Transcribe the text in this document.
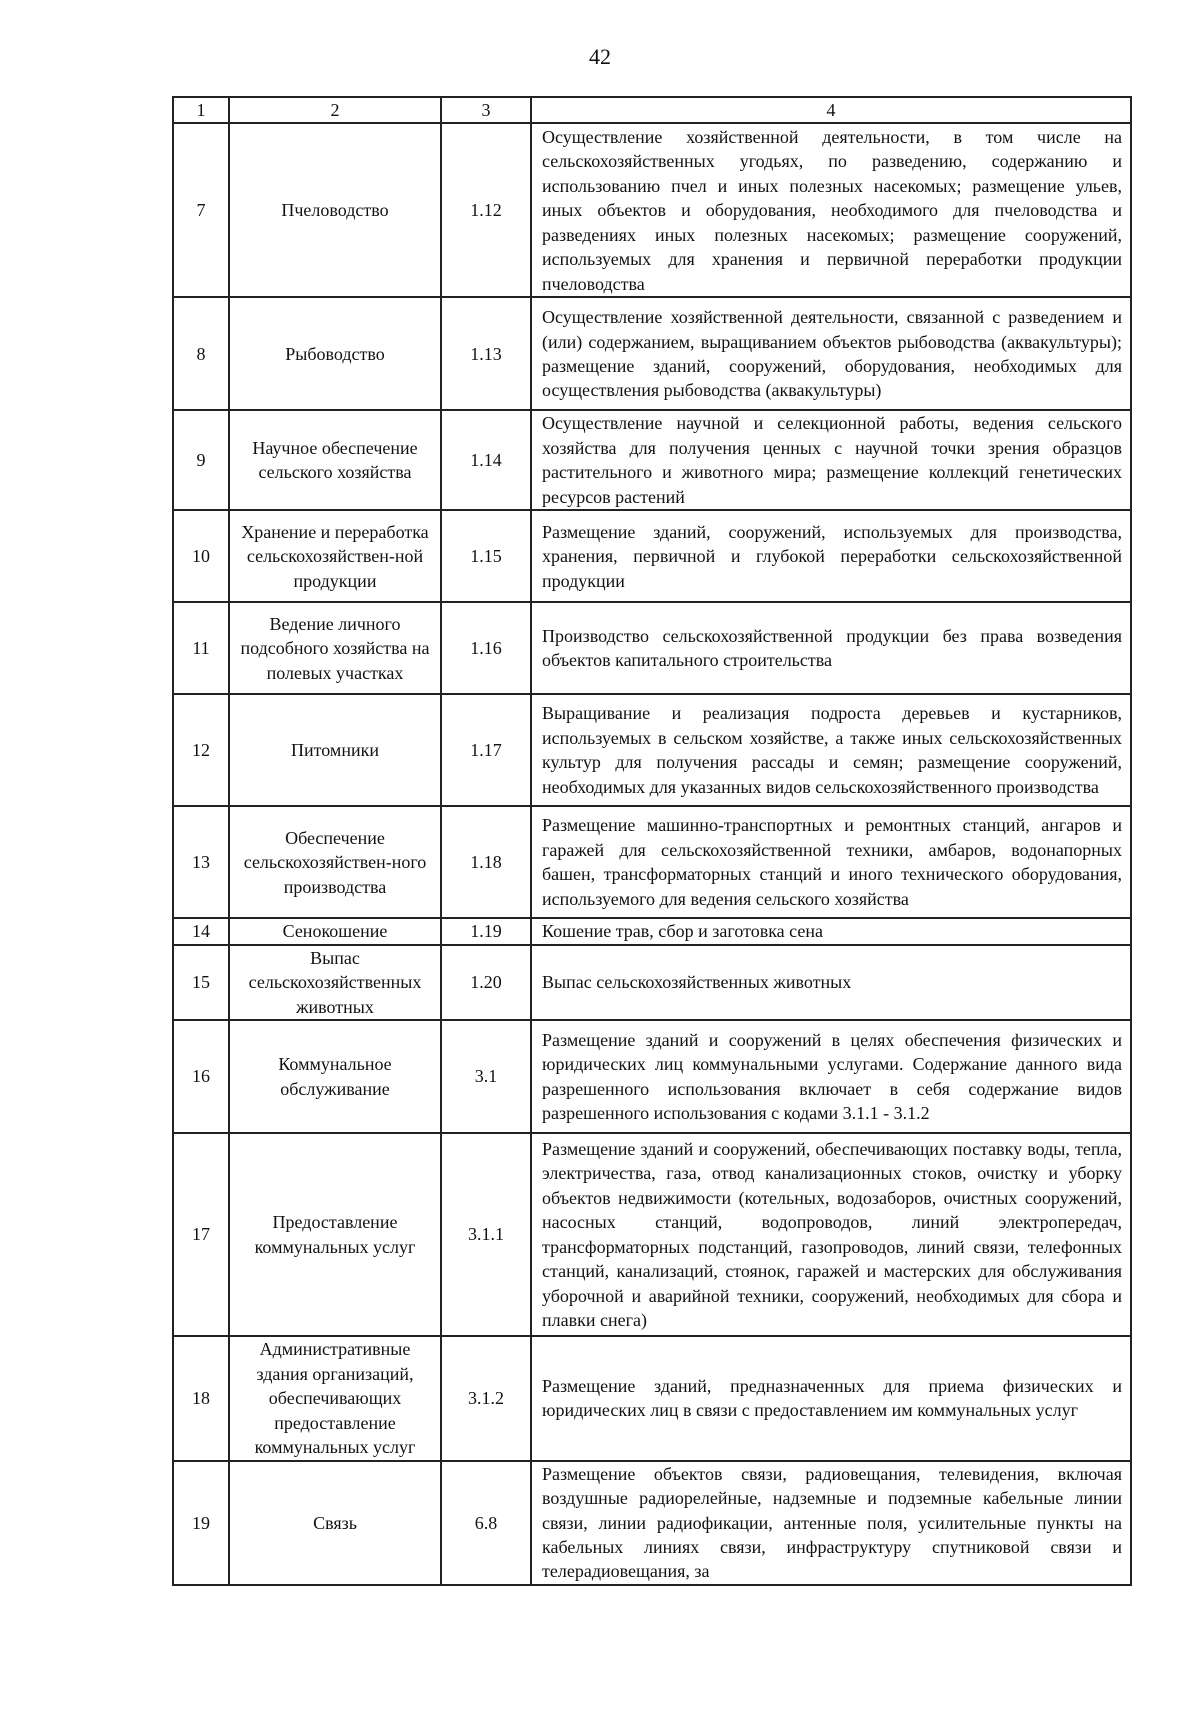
42
1	2	3	4
7	Пчеловодство	1.12	Осуществление хозяйственной деятельности, в том числе на сельскохозяйственных угодьях, по разведению, содержанию и использованию пчел и иных полезных насекомых; размещение ульев, иных объектов и оборудования, необходимого для пчеловодства и разведениях иных полезных насекомых; размещение сооружений, используемых для хранения и первичной переработки продукции пчеловодства
8	Рыбоводство	1.13	Осуществление хозяйственной деятельности, связанной с разведением и (или) содержанием, выращиванием объектов рыбоводства (аквакультуры); размещение зданий, сооружений, оборудования, необходимых для осуществления рыбоводства (аквакультуры)
9	Научное обеспечение сельского хозяйства	1.14	Осуществление научной и селекционной работы, ведения сельского хозяйства для получения ценных с научной точки зрения образцов растительного и животного мира; размещение коллекций генетических ресурсов растений
10	Хранение и переработка сельскохозяйствен-ной продукции	1.15	Размещение зданий, сооружений, используемых для производства, хранения, первичной и глубокой переработки сельскохозяйственной продукции
11	Ведение личного подсобного хозяйства на полевых участках	1.16	Производство сельскохозяйственной продукции без права возведения объектов капитального строительства
12	Питомники	1.17	Выращивание и реализация подроста деревьев и кустарников, используемых в сельском хозяйстве, а также иных сельскохозяйственных культур для получения рассады и семян; размещение сооружений, необходимых для указанных видов сельскохозяйственного производства
13	Обеспечение сельскохозяйствен-ного производства	1.18	Размещение машинно-транспортных и ремонтных станций, ангаров и гаражей для сельскохозяйственной техники, амбаров, водонапорных башен, трансформаторных станций и иного технического оборудования, используемого для ведения сельского хозяйства
14	Сенокошение	1.19	Кошение трав, сбор и заготовка сена
15	Выпас сельскохозяйственных животных	1.20	Выпас сельскохозяйственных животных
16	Коммунальное обслуживание	3.1	Размещение зданий и сооружений в целях обеспечения физических и юридических лиц коммунальными услугами. Содержание данного вида разрешенного использования включает в себя содержание видов разрешенного использования с кодами 3.1.1 - 3.1.2
17	Предоставление коммунальных услуг	3.1.1	Размещение зданий и сооружений, обеспечивающих поставку воды, тепла, электричества, газа, отвод канализационных стоков, очистку и уборку объектов недвижимости (котельных, водозаборов, очистных сооружений, насосных станций, водопроводов, линий электропередач, трансформаторных подстанций, газопроводов, линий связи, телефонных станций, канализаций, стоянок, гаражей и мастерских для обслуживания уборочной и аварийной техники, сооружений, необходимых для сбора и плавки снега)
18	Административные здания организаций, обеспечивающих предоставление коммунальных услуг	3.1.2	Размещение зданий, предназначенных для приема физических и юридических лиц в связи с предоставлением им коммунальных услуг
19	Связь	6.8	Размещение объектов связи, радиовещания, телевидения, включая воздушные радиорелейные, надземные и подземные кабельные линии связи, линии радиофикации, антенные поля, усилительные пункты на кабельных линиях связи, инфраструктуру спутниковой связи и телерадиовещания, за
